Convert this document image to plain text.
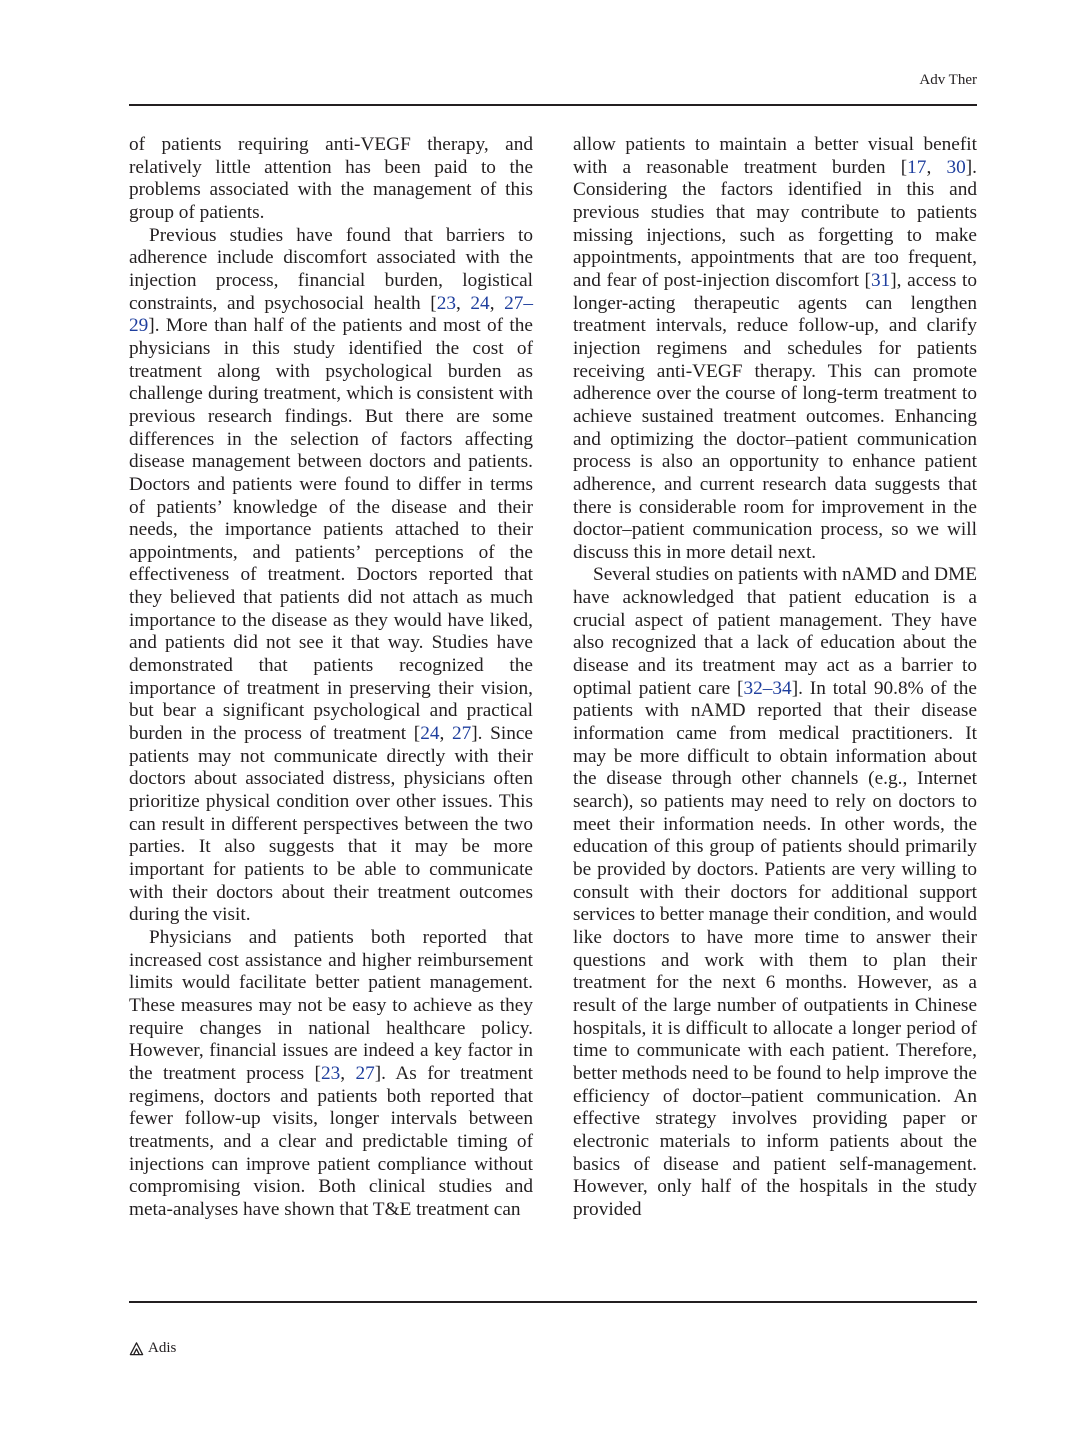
Adv Ther

of patients requiring anti-VEGF therapy, and relatively little attention has been paid to the problems associated with the management of this group of patients.

Previous studies have found that barriers to adherence include discomfort associated with the injection process, financial burden, logistical constraints, and psychosocial health [23, 24, 27–29]. More than half of the patients and most of the physicians in this study identified the cost of treatment along with psychological burden as challenge during treatment, which is consistent with previous research findings. But there are some differences in the selection of factors affecting disease management between doctors and patients. Doctors and patients were found to differ in terms of patients’ knowledge of the disease and their needs, the importance patients attached to their appointments, and patients’ perceptions of the effectiveness of treatment. Doctors reported that they believed that patients did not attach as much importance to the disease as they would have liked, and patients did not see it that way. Studies have demonstrated that patients recognized the importance of treatment in preserving their vision, but bear a significant psychological and practical burden in the process of treatment [24, 27]. Since patients may not communicate directly with their doctors about associated distress, physicians often prioritize physical condition over other issues. This can result in different perspectives between the two parties. It also suggests that it may be more important for patients to be able to communicate with their doctors about their treatment outcomes during the visit.

Physicians and patients both reported that increased cost assistance and higher reimbursement limits would facilitate better patient management. These measures may not be easy to achieve as they require changes in national healthcare policy. However, financial issues are indeed a key factor in the treatment process [23, 27]. As for treatment regimens, doctors and patients both reported that fewer follow-up visits, longer intervals between treatments, and a clear and predictable timing of injections can improve patient compliance without compromising vision. Both clinical studies and meta-analyses have shown that T&E treatment can

allow patients to maintain a better visual benefit with a reasonable treatment burden [17, 30]. Considering the factors identified in this and previous studies that may contribute to patients missing injections, such as forgetting to make appointments, appointments that are too frequent, and fear of post-injection discomfort [31], access to longer-acting therapeutic agents can lengthen treatment intervals, reduce follow-up, and clarify injection regimens and schedules for patients receiving anti-VEGF therapy. This can promote adherence over the course of long-term treatment to achieve sustained treatment outcomes. Enhancing and optimizing the doctor–patient communication process is also an opportunity to enhance patient adherence, and current research data suggests that there is considerable room for improvement in the doctor–patient communication process, so we will discuss this in more detail next.

Several studies on patients with nAMD and DME have acknowledged that patient education is a crucial aspect of patient management. They have also recognized that a lack of education about the disease and its treatment may act as a barrier to optimal patient care [32–34]. In total 90.8% of the patients with nAMD reported that their disease information came from medical practitioners. It may be more difficult to obtain information about the disease through other channels (e.g., Internet search), so patients may need to rely on doctors to meet their information needs. In other words, the education of this group of patients should primarily be provided by doctors. Patients are very willing to consult with their doctors for additional support services to better manage their condition, and would like doctors to have more time to answer their questions and work with them to plan their treatment for the next 6 months. However, as a result of the large number of outpatients in Chinese hospitals, it is difficult to allocate a longer period of time to communicate with each patient. Therefore, better methods need to be found to help improve the efficiency of doctor–patient communication. An effective strategy involves providing paper or electronic materials to inform patients about the basics of disease and patient self-management. However, only half of the hospitals in the study provided

Adis
